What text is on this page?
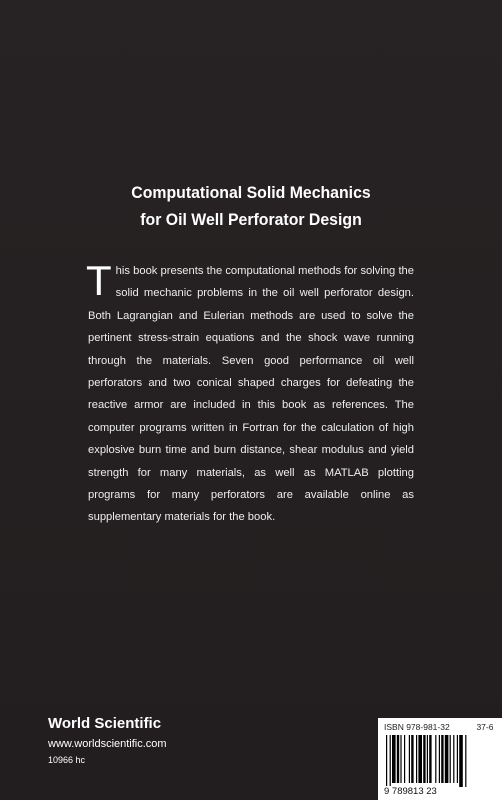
Computational Solid Mechanics
for Oil Well Perforator Design
This book presents the computational methods for solving the solid mechanic problems in the oil well perforator design. Both Lagrangian and Eulerian methods are used to solve the pertinent stress-strain equations and the shock wave running through the materials. Seven good performance oil well perforators and two conical shaped charges for defeating the reactive armor are included in this book as references. The computer programs written in Fortran for the calculation of high explosive burn time and burn distance, shear modulus and yield strength for many materials, as well as MATLAB plotting programs for many perforators are available online as supplementary materials for the book.
World Scientific
www.worldscientific.com
10966 hc
ISBN 978-981-32	37-6
9 789813 23
